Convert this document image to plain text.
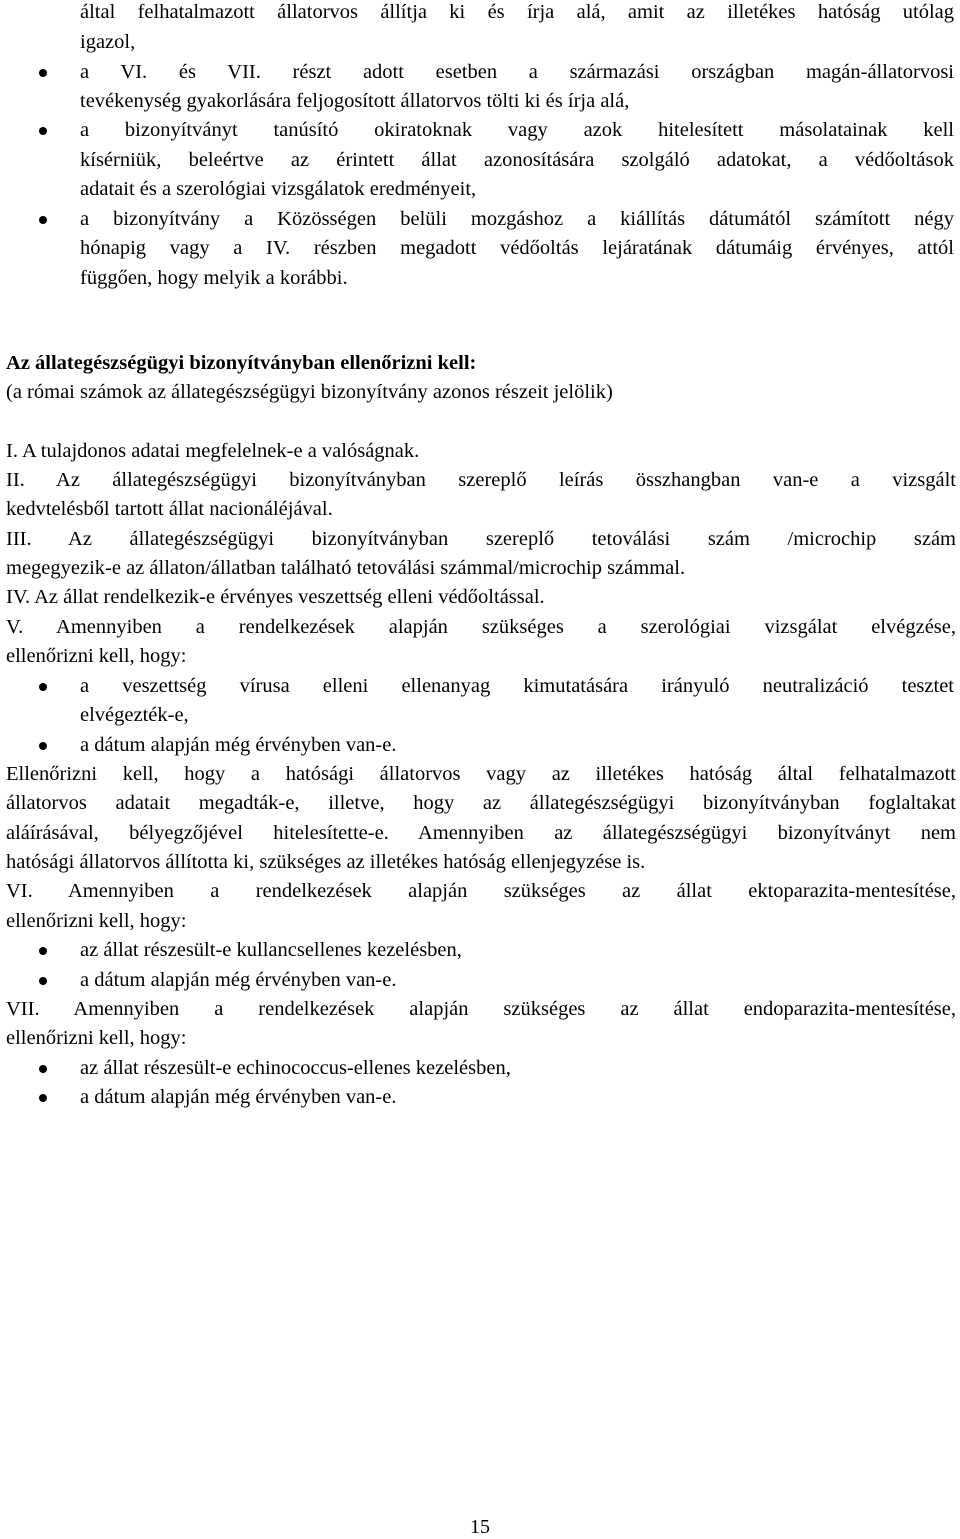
által felhatalmazott állatorvos állítja ki és írja alá, amit az illetékes hatóság utólag
igazol,
a VI. és VII. részt adott esetben a származási országban magán-állatorvosi
tevékenység gyakorlására feljogosított állatorvos tölti ki és írja alá,
a bizonyítványt tanúsító okiratoknak vagy azok hitelesített másolatainak kell
kísérniük, beleértve az érintett állat azonosítására szolgáló adatokat, a védőoltások
adatait és a szerológiai vizsgálatok eredményeit,
a bizonyítvány a Közösségen belüli mozgáshoz a kiállítás dátumától számított négy
hónapig vagy a IV. részben megadott védőoltás lejáratának dátumáig érvényes, attól
függően, hogy melyik a korábbi.
Az állategészségügyi bizonyítványban ellenőrizni kell:
(a római számok az állategészségügyi bizonyítvány azonos részeit jelölik)
I. A tulajdonos adatai megfelelnek-e a valóságnak.
II. Az állategészségügyi bizonyítványban szereplő leírás összhangban van-e a vizsgált
kedvtelésből tartott állat nacionáléjával.
III. Az állategészségügyi bizonyítványban szereplő tetoválási szám /microchip szám
megegyezik-e az állaton/állatban található tetoválási számmal/microchip számmal.
IV. Az állat rendelkezik-e érvényes veszettség elleni védőoltással.
V. Amennyiben a rendelkezések alapján szükséges a szerológiai vizsgálat elvégzése,
ellenőrizni kell, hogy:
a veszettség vírusa elleni ellenanyag kimutatására irányuló neutralizáció tesztet
elvégezték-e,
a dátum alapján még érvényben van-e.
Ellenőrizni kell, hogy a hatósági állatorvos vagy az illetékes hatóság által felhatalmazott
állatorvos adatait megadták-e, illetve, hogy az állategészségügyi bizonyítványban foglaltakat
aláírásával, bélyegzőjével hitelesítette-e. Amennyiben az állategészségügyi bizonyítványt nem
hatósági állatorvos állította ki, szükséges az illetékes hatóság ellenjegyzése is.
VI. Amennyiben a rendelkezések alapján szükséges az állat ektoparazita-mentesítése,
ellenőrizni kell, hogy:
az állat részesült-e kullancsellenes kezelésben,
a dátum alapján még érvényben van-e.
VII. Amennyiben a rendelkezések alapján szükséges az állat endoparazita-mentesítése,
ellenőrizni kell, hogy:
az állat részesült-e echinococcus-ellenes kezelésben,
a dátum alapján még érvényben van-e.
15
